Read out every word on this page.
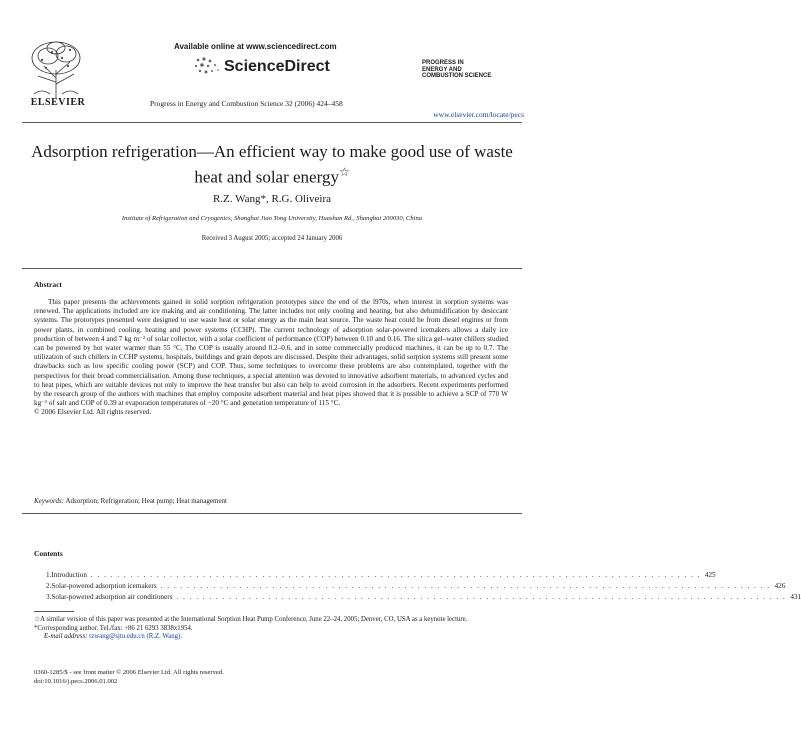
ELSEVIER
Available online at www.sciencedirect.com
ScienceDirect	PROGRESS IN
ENERGY AND
COMBUSTION SCIENCE
Progress in Energy and Combustion Science 32 (2006) 424–458
www.elsevier.com/locate/pecs
Adsorption refrigeration—An efficient way to make good use of waste heat and solar energy☆
R.Z. Wang*, R.G. Oliveira
Institute of Refrigeration and Cryogenics, Shanghai Jiao Tong University, Huashan Rd., Shanghai 200030, China
Received 3 August 2005; accepted 24 January 2006
Abstract
This paper presents the achievements gained in solid sorption refrigeration prototypes since the end of the l970s, when interest in sorption systems was renewed. The applications included are ice making and air conditioning. The latter includes not only cooling and heating, but also dehumidification by desiccant systems. The prototypes presented were designed to use waste heat or solar energy as the main heat source. The waste heat could be from diesel engines or from power plants, in combined cooling, heating and power systems (CCHP). The current technology of adsorption solar-powered icemakers allows a daily ice production of between 4 and 7 kg m⁻² of solar collector, with a solar coefficient of performance (COP) between 0.10 and 0.16. The silica gel–water chillers studied can be powered by hot water warmer than 55 °C. The COP is usually around 0.2–0.6, and in some commercially produced machines, it can be up to 0.7. The utilization of such chillers in CCHP systems, hospitals, buildings and grain depots are discussed. Despite their advantages, solid sorption systems still present some drawbacks such as low specific cooling power (SCP) and COP. Thus, some techniques to overcome these problems are also contemplated, together with the perspectives for their broad commercialisation. Among these techniques, a special attention was devoted to innovative adsorbent materials, to advanced cycles and to heat pipes, which are suitable devices not only to improve the heat transfer but also can help to avoid corrosion in the adsorbers. Recent experiments performed by the research group of the authors with machines that employ composite adsorbent material and heat pipes showed that it is possible to achieve a SCP of 770 W kg⁻¹ of salt and COP of 0.39 at evaporation temperatures of −20 °C and generation temperature of 115 °C.
© 2006 Elsevier Ltd. All rights reserved.
Keywords: Adsorption; Refrigeration; Heat pump; Heat management
Contents
1. Introduction . . . . . . . . . . . . . . . . . . . . . . . . . . . . . . . . . . . . . . . . . . . . . . . . . . . . . . . . . . . . . . . . . . . . . . . . . . . . . . . . . . . . . . . . . . . . . 425
2. Solar-powered adsorption icemakers . . . . . . . . . . . . . . . . . . . . . . . . . . . . . . . . . . . . . . . . . . . . . . . . . . . . . . . . . . . . . . . . . . . . . . . . . . . . . . . . . . . . . . . . . . . . . 426
3. Solar-powered adsorption air conditioners . . . . . . . . . . . . . . . . . . . . . . . . . . . . . . . . . . . . . . . . . . . . . . . . . . . . . . . . . . . . . . . . . . . . . . . . . . . . . . . . . . . . . . . . . . . . . 431
☆A similar version of this paper was presented at the International Sorption Heat Pump Conference, June 22–24, 2005; Denver, CO, USA as a keynote lecture.
*Corresponding author. Tel./fax: +86 21 6293 3838x1954.
E-mail address: rzwang@sjtu.edu.cn (R.Z. Wang).
0360-1285/$ - see front matter © 2006 Elsevier Ltd. All rights reserved.
doi:10.1016/j.pecs.2006.01.002
